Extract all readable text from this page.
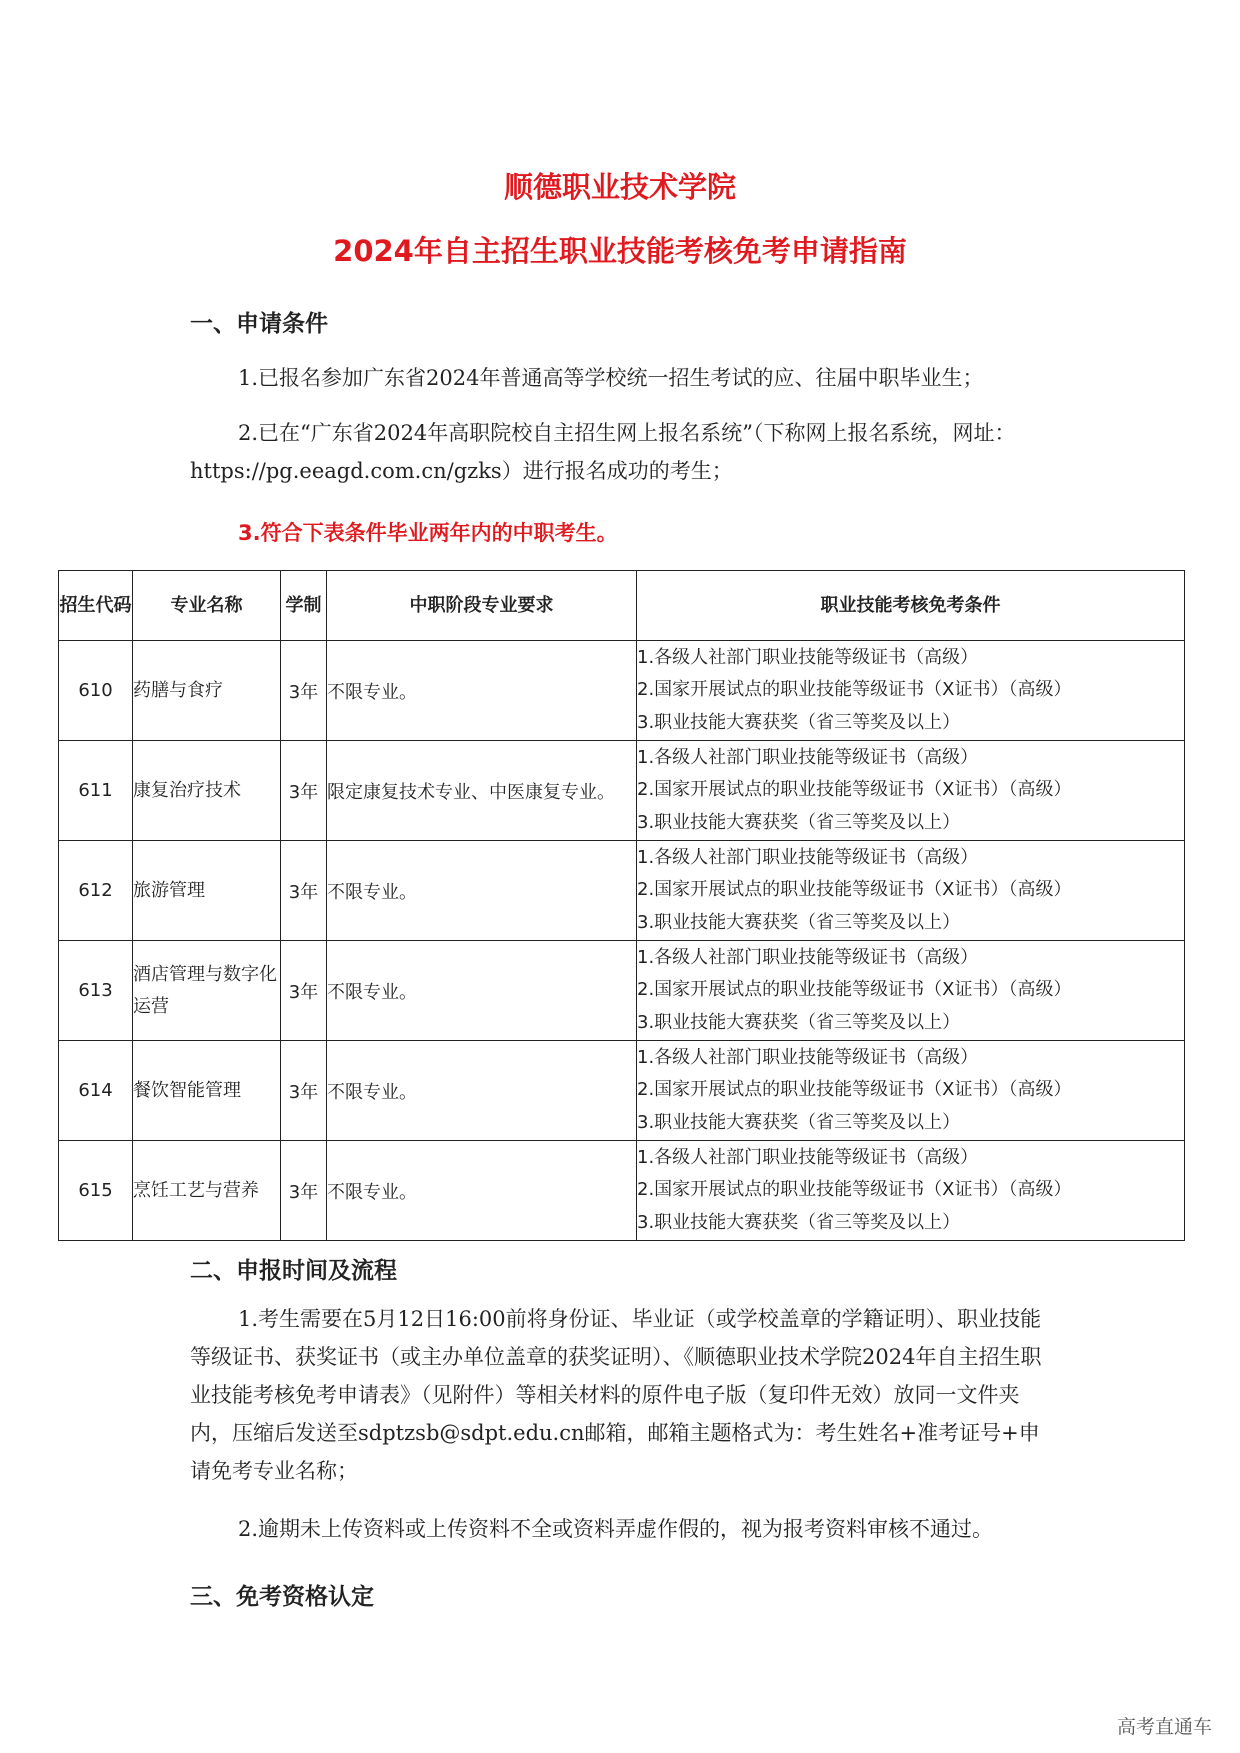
顺德职业技术学院
2024年自主招生职业技能考核免考申请指南
一、申请条件
1.已报名参加广东省2024年普通高等学校统一招生考试的应、往届中职毕业生；
2.已在“广东省2024年高职院校自主招生网上报名系统”（下称网上报名系统，网址：https://pg.eeagd.com.cn/gzks）进行报名成功的考生；
3.符合下表条件毕业两年内的中职考生。
招生代码	专业名称	学制	中职阶段专业要求	职业技能考核免考条件
610	药膳与食疗	3年	不限专业。	1.各级人社部门职业技能等级证书（高级）
2.国家开展试点的职业技能等级证书（X证书）（高级）
3.职业技能大赛获奖（省三等奖及以上）

611	康复治疗技术	3年	限定康复技术专业、中医康复专业。	1.各级人社部门职业技能等级证书（高级）
2.国家开展试点的职业技能等级证书（X证书）（高级）
3.职业技能大赛获奖（省三等奖及以上）

612	旅游管理	3年	不限专业。	1.各级人社部门职业技能等级证书（高级）
2.国家开展试点的职业技能等级证书（X证书）（高级）
3.职业技能大赛获奖（省三等奖及以上）

613	酒店管理与数字化运营	3年	不限专业。	1.各级人社部门职业技能等级证书（高级）
2.国家开展试点的职业技能等级证书（X证书）（高级）
3.职业技能大赛获奖（省三等奖及以上）

614	餐饮智能管理	3年	不限专业。	1.各级人社部门职业技能等级证书（高级）
2.国家开展试点的职业技能等级证书（X证书）（高级）
3.职业技能大赛获奖（省三等奖及以上）

615	烹饪工艺与营养	3年	不限专业。	1.各级人社部门职业技能等级证书（高级）
2.国家开展试点的职业技能等级证书（X证书）（高级）
3.职业技能大赛获奖（省三等奖及以上）
二、申报时间及流程
1.考生需要在5月12日16:00前将身份证、毕业证（或学校盖章的学籍证明）、职业技能等级证书、获奖证书（或主办单位盖章的获奖证明）、《顺德职业技术学院2024年自主招生职业技能考核免考申请表》（见附件）等相关材料的原件电子版（复印件无效）放同一文件夹内，压缩后发送至sdptzsb@sdpt.edu.cn邮箱，邮箱主题格式为：考生姓名+准考证号+申请免考专业名称；
2.逾期未上传资料或上传资料不全或资料弄虚作假的，视为报考资料审核不通过。
三、免考资格认定
高考直通车
